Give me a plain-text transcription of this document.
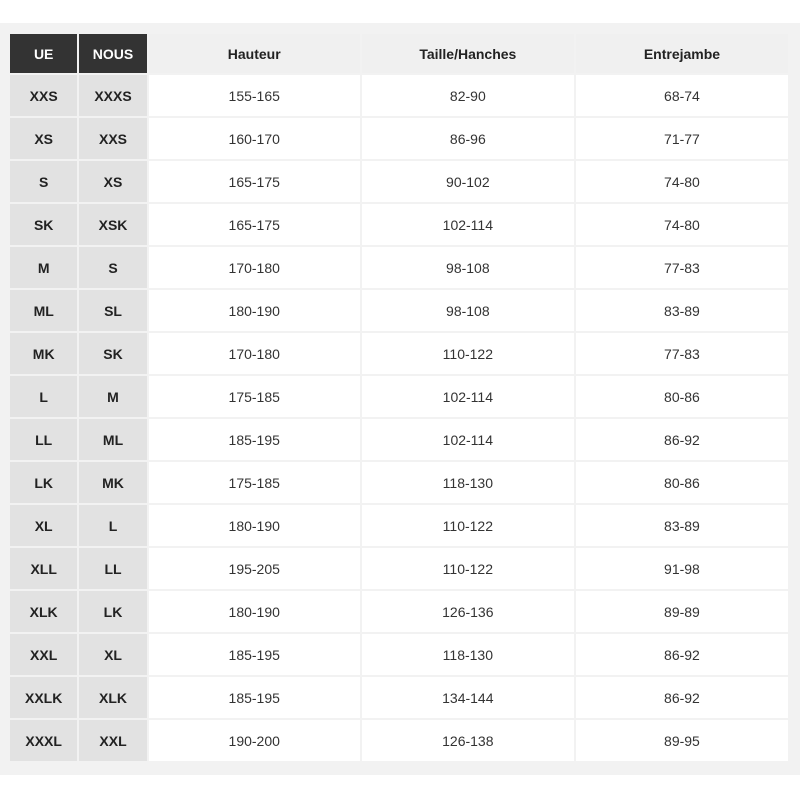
UE	NOUS	Hauteur	Taille/Hanches	Entrejambe
XXS	XXXS	155-165	82-90	68-74
XS	XXS	160-170	86-96	71-77
S	XS	165-175	90-102	74-80
SK	XSK	165-175	102-114	74-80
M	S	170-180	98-108	77-83
ML	SL	180-190	98-108	83-89
MK	SK	170-180	110-122	77-83
L	M	175-185	102-114	80-86
LL	ML	185-195	102-114	86-92
LK	MK	175-185	118-130	80-86
XL	L	180-190	110-122	83-89
XLL	LL	195-205	110-122	91-98
XLK	LK	180-190	126-136	89-89
XXL	XL	185-195	118-130	86-92
XXLK	XLK	185-195	134-144	86-92
XXXL	XXL	190-200	126-138	89-95
